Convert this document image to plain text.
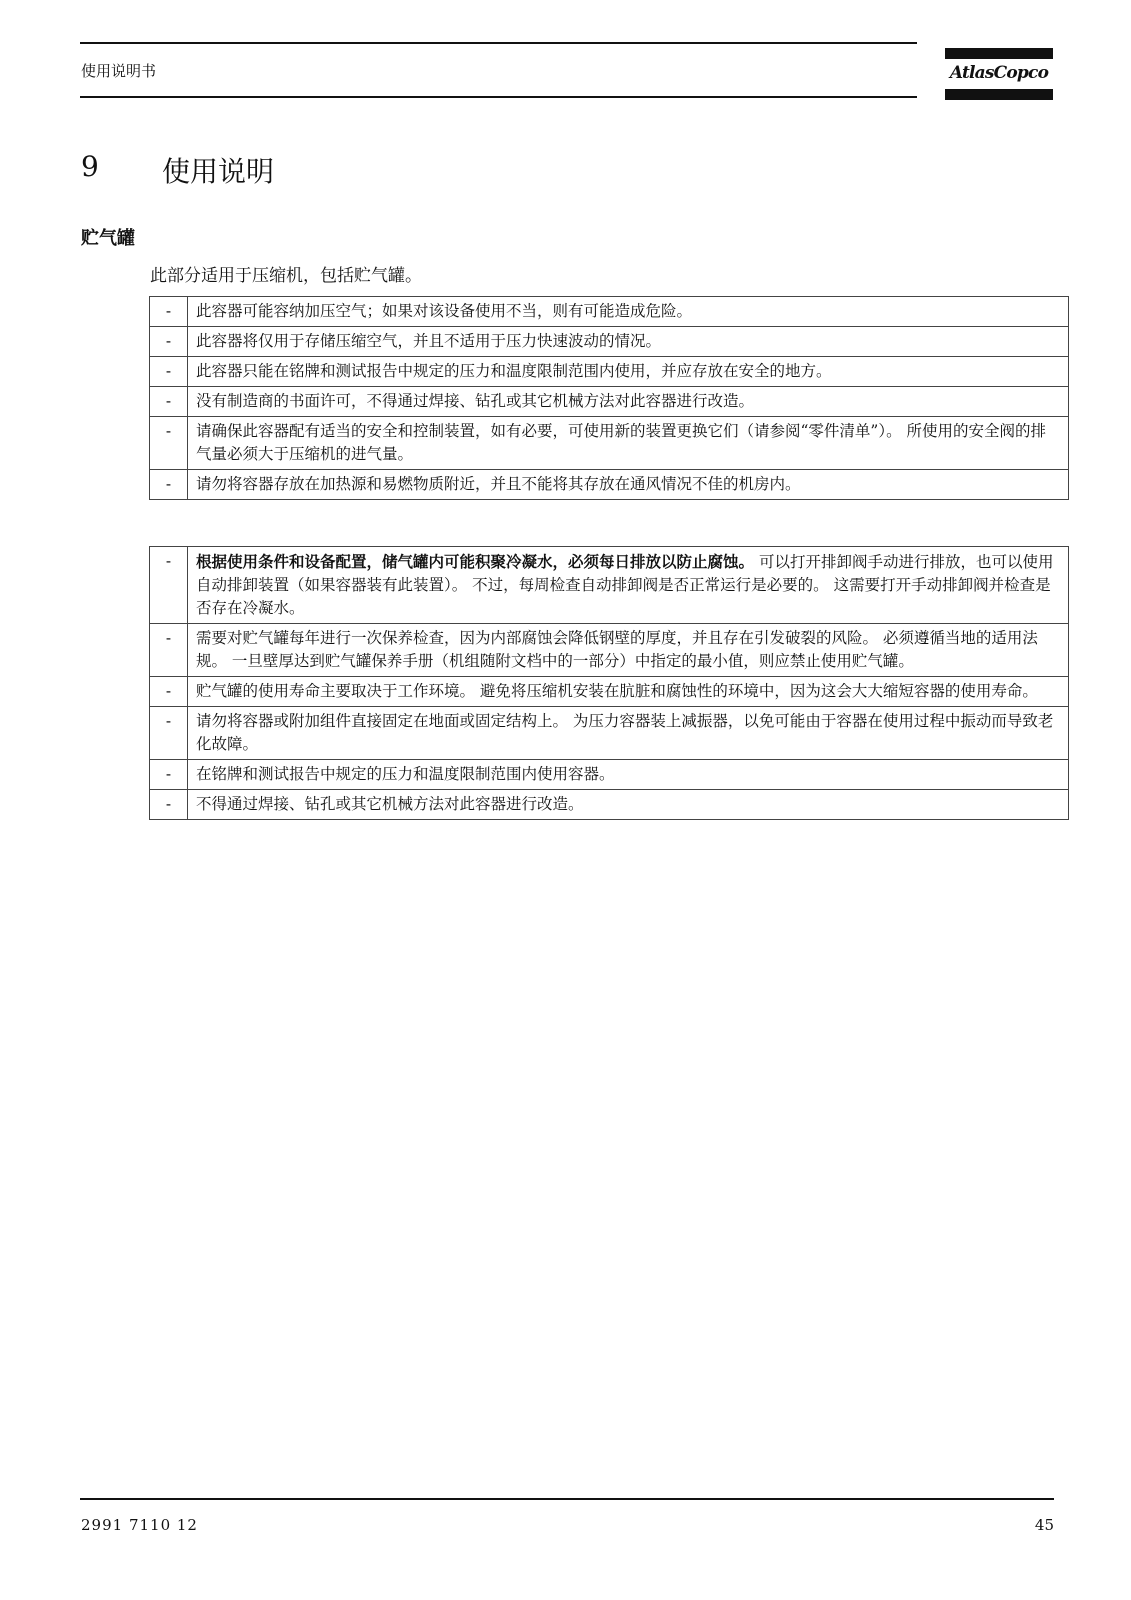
使用说明书	AtlasCopco
9 使用说明
贮气罐
此部分适用于压缩机，包括贮气罐。
-	此容器可能容纳加压空气；如果对该设备使用不当，则有可能造成危险。
-	此容器将仅用于存储压缩空气，并且不适用于压力快速波动的情况。
-	此容器只能在铭牌和测试报告中规定的压力和温度限制范围内使用，并应存放在安全的地方。
-	没有制造商的书面许可，不得通过焊接、钻孔或其它机械方法对此容器进行改造。
-	请确保此容器配有适当的安全和控制装置，如有必要，可使用新的装置更换它们（请参阅“零件清单”）。 所使用的安全阀的排气量必须大于压缩机的进气量。
-	请勿将容器存放在加热源和易燃物质附近，并且不能将其存放在通风情况不佳的机房内。
-	根据使用条件和设备配置，储气罐内可能积聚冷凝水，必须每日排放以防止腐蚀。 可以打开排卸阀手动进行排放，也可以使用自动排卸装置（如果容器装有此装置）。 不过，每周检查自动排卸阀是否正常运行是必要的。 这需要打开手动排卸阀并检查是否存在冷凝水。
-	需要对贮气罐每年进行一次保养检查，因为内部腐蚀会降低钢壁的厚度，并且存在引发破裂的风险。 必须遵循当地的适用法规。 一旦壁厚达到贮气罐保养手册（机组随附文档中的一部分）中指定的最小值，则应禁止使用贮气罐。
-	贮气罐的使用寿命主要取决于工作环境。 避免将压缩机安装在肮脏和腐蚀性的环境中，因为这会大大缩短容器的使用寿命。
-	请勿将容器或附加组件直接固定在地面或固定结构上。 为压力容器装上减振器，以免可能由于容器在使用过程中振动而导致老化故障。
-	在铭牌和测试报告中规定的压力和温度限制范围内使用容器。
-	不得通过焊接、钻孔或其它机械方法对此容器进行改造。
2991 7110 12	45
